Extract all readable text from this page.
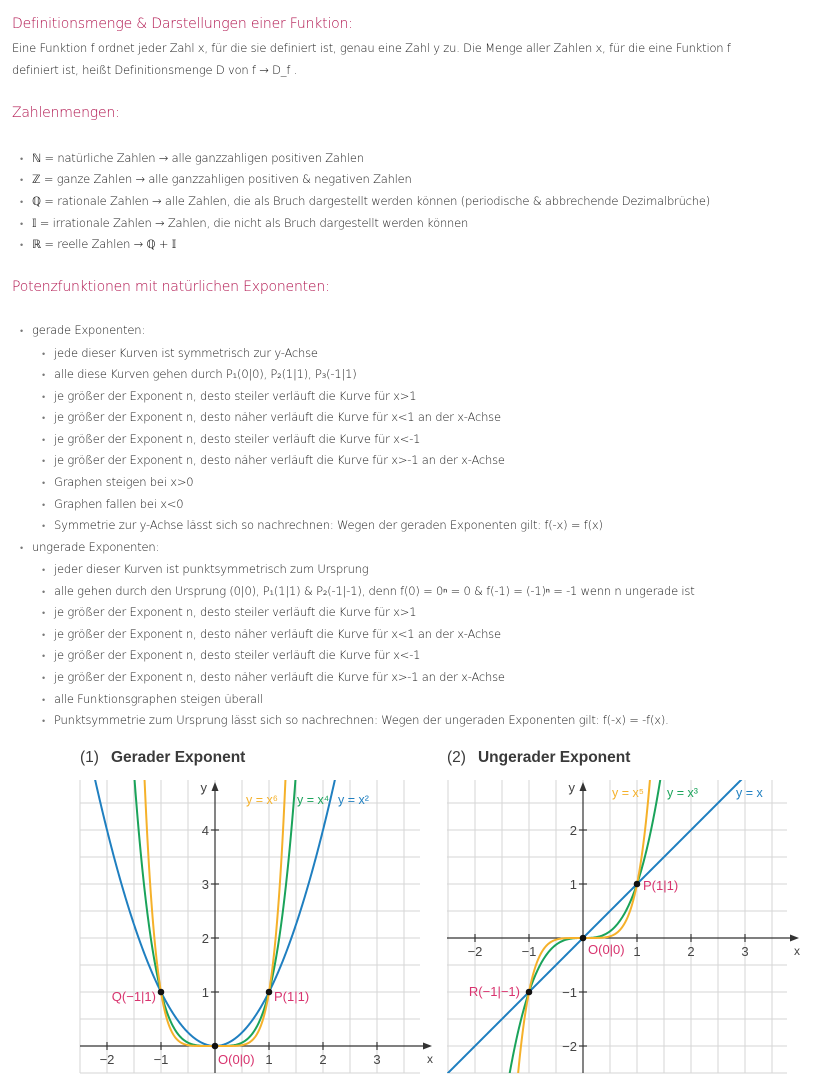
Definitionsmenge & Darstellungen einer Funktion:
Eine Funktion f ordnet jeder Zahl x, für die sie definiert ist, genau eine Zahl y zu. Die Menge aller Zahlen x, für die eine Funktion f
definiert ist, heißt Definitionsmenge D von f → D_f .
Zahlenmengen:
• ℕ = natürliche Zahlen → alle ganzzahligen positiven Zahlen
• ℤ = ganze Zahlen → alle ganzzahligen positiven & negativen Zahlen
• ℚ = rationale Zahlen → alle Zahlen, die als Bruch dargestellt werden können (periodische & abbrechende Dezimalbrüche)
• 𝕀 = irrationale Zahlen → Zahlen, die nicht als Bruch dargestellt werden können
• ℝ = reelle Zahlen → ℚ + 𝕀
Potenzfunktionen mit natürlichen Exponenten:
• gerade Exponenten:
• jede dieser Kurven ist symmetrisch zur y-Achse
• alle diese Kurven gehen durch P₁(0|0), P₂(1|1), P₃(-1|1)
• je größer der Exponent n, desto steiler verläuft die Kurve für x>1
• je größer der Exponent n, desto näher verläuft die Kurve für x<1 an der x-Achse
• je größer der Exponent n, desto steiler verläuft die Kurve für x<-1
• je größer der Exponent n, desto näher verläuft die Kurve für x>-1 an der x-Achse
• Graphen steigen bei x>0
• Graphen fallen bei x<0
• Symmetrie zur y-Achse lässt sich so nachrechnen: Wegen der geraden Exponenten gilt: f(-x) = f(x)
• ungerade Exponenten:
• jeder dieser Kurven ist punktsymmetrisch zum Ursprung
• alle gehen durch den Ursprung (0|0), P₁(1|1) & P₂(-1|-1), denn f(0) = 0ⁿ = 0 & f(-1) = (-1)ⁿ = -1 wenn n ungerade ist
• je größer der Exponent n, desto steiler verläuft die Kurve für x>1
• je größer der Exponent n, desto näher verläuft die Kurve für x<1 an der x-Achse
• je größer der Exponent n, desto steiler verläuft die Kurve für x<-1
• je größer der Exponent n, desto näher verläuft die Kurve für x>-1 an der x-Achse
• alle Funktionsgraphen steigen überall
• Punktsymmetrie zum Ursprung lässt sich so nachrechnen: Wegen der ungeraden Exponenten gilt: f(-x) = -f(x).
(1) Gerader Exponent	(2) Ungerader Exponent
x
y
−2	−1	1	2	3
1
2
3
4
y = x⁶ y = x⁴ y = x²
Q(−1|1)	P(1|1)
O(0|0)
x
y
−2	−1	1	2	3
−2
−1
1
2
y = x⁵ y = x³	y = x
P(1|1)
R(−1|−1)
O(0|0)
